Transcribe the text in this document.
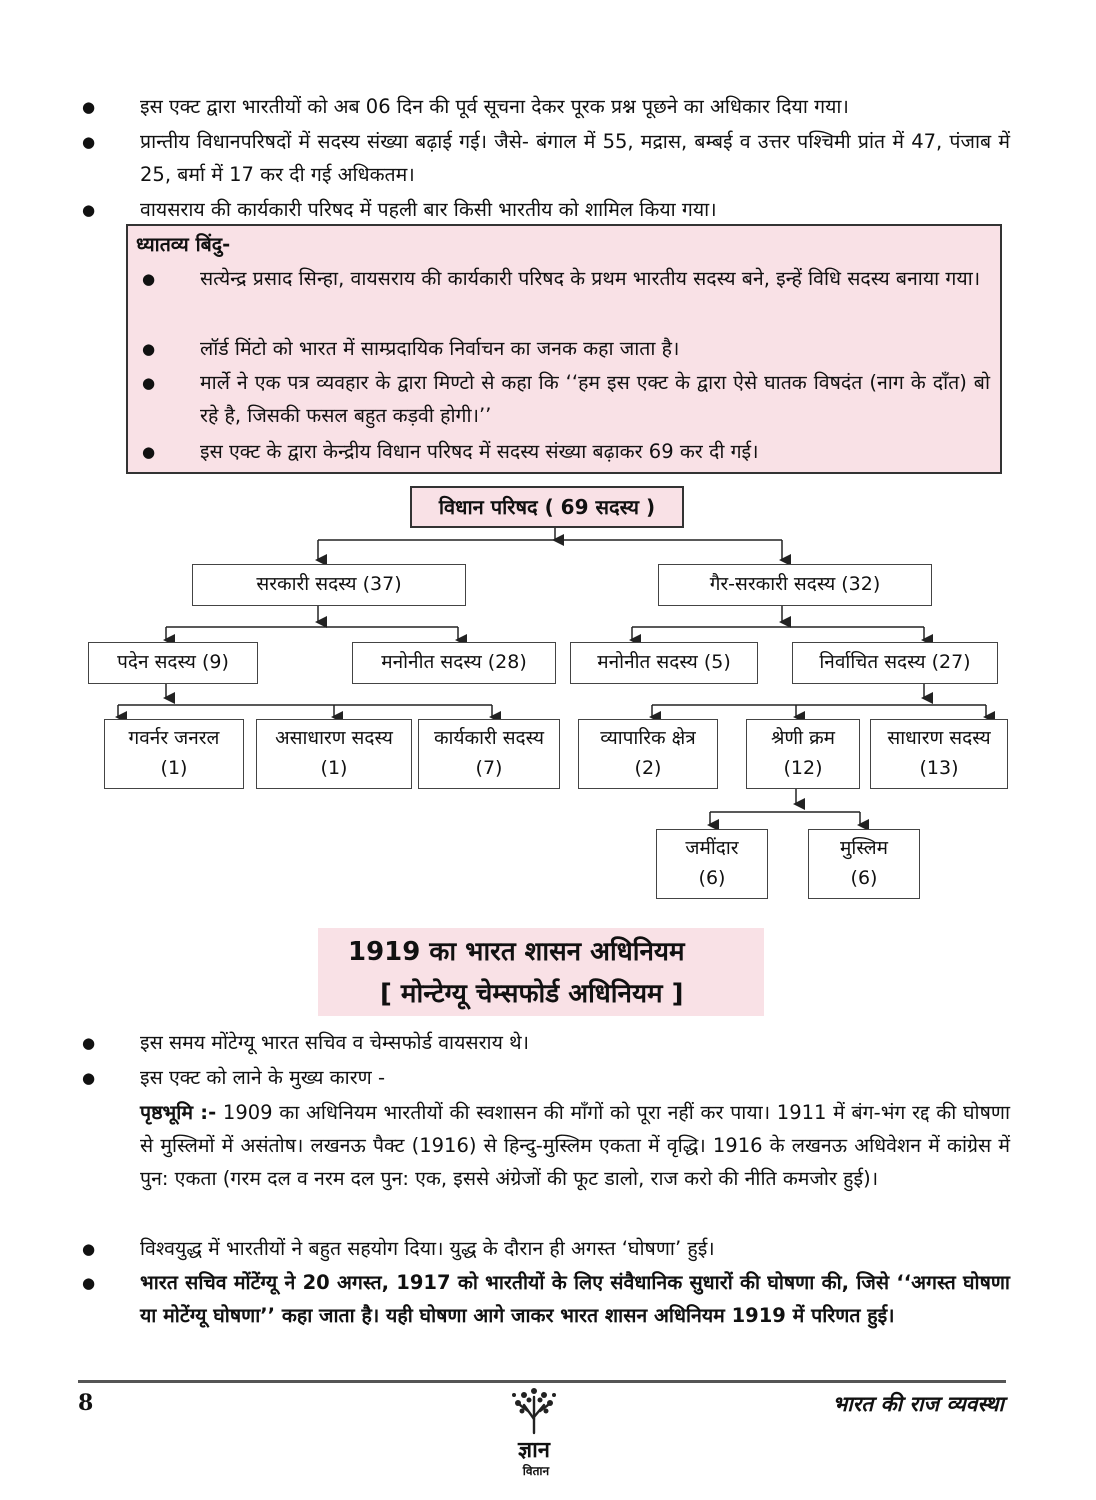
● इस एक्ट द्वारा भारतीयों को अब 06 दिन की पूर्व सूचना देकर पूरक प्रश्न पूछने का अधिकार दिया गया।
● प्रान्तीय विधानपरिषदों में सदस्य संख्या बढ़ाई गई। जैसे- बंगाल में 55, मद्रास, बम्बई व उत्तर पश्चिमी प्रांत में 47, पंजाब में 25, बर्मा में 17 कर दी गई अधिकतम।
● वायसराय की कार्यकारी परिषद में पहली बार किसी भारतीय को शामिल किया गया।
ध्यातव्य बिंदु-
● सत्येन्द्र प्रसाद सिन्हा, वायसराय की कार्यकारी परिषद के प्रथम भारतीय सदस्य बने, इन्हें विधि सदस्य बनाया गया।
● लॉर्ड मिंटो को भारत में साम्प्रदायिक निर्वाचन का जनक कहा जाता है।
● मार्ले ने एक पत्र व्यवहार के द्वारा मिण्टो से कहा कि ‘‘हम इस एक्ट के द्वारा ऐसे घातक विषदंत (नाग के दाँत) बो रहे है, जिसकी फसल बहुत कड़वी होगी।’’
● इस एक्ट के द्वारा केन्द्रीय विधान परिषद में सदस्य संख्या बढ़ाकर 69 कर दी गई।
विधान परिषद ( 69 सदस्य )
सरकारी सदस्य (37)	गैर-सरकारी सदस्य (32)
पदेन सदस्य (9)	मनोनीत सदस्य (28)	मनोनीत सदस्य (5)	निर्वाचित सदस्य (27)
गवर्नर जनरल
(1)
असाधारण सदस्य
(1)
कार्यकारी सदस्य
(7)
व्यापारिक क्षेत्र
(2)
श्रेणी क्रम
(12)
साधारण सदस्य
(13)
जमींदार
(6)
मुस्लिम
(6)
1919 का भारत शासन अधिनियम
[ मोन्टेग्यू चेम्सफोर्ड अधिनियम ]
● इस समय मोंटेग्यू भारत सचिव व चेम्सफोर्ड वायसराय थे।
● इस एक्ट को लाने के मुख्य कारण -
पृष्ठभूमि :- 1909 का अधिनियम भारतीयों की स्वशासन की माँगों को पूरा नहीं कर पाया। 1911 में बंग-भंग रद्द की घोषणा से मुस्लिमों में असंतोष। लखनऊ पैक्ट (1916) से हिन्दु-मुस्लिम एकता में वृद्धि। 1916 के लखनऊ अधिवेशन में कांग्रेस में पुन: एकता (गरम दल व नरम दल पुन: एक, इससे अंग्रेजों की फूट डालो, राज करो की नीति कमजोर हुई)।
● विश्वयुद्ध में भारतीयों ने बहुत सहयोग दिया। युद्ध के दौरान ही अगस्त ‘घोषणा’ हुई।
● भारत सचिव मोंटेंग्यू ने 20 अगस्त, 1917 को भारतीयों के लिए संवैधानिक सुधारों की घोषणा की, जिसे ‘‘अगस्त घोषणा या मोटेंग्यू घोषणा’’ कहा जाता है। यही घोषणा आगे जाकर भारत शासन अधिनियम 1919 में परिणत हुई।
8
ज्ञान
वितान
भारत की राज व्यवस्था
